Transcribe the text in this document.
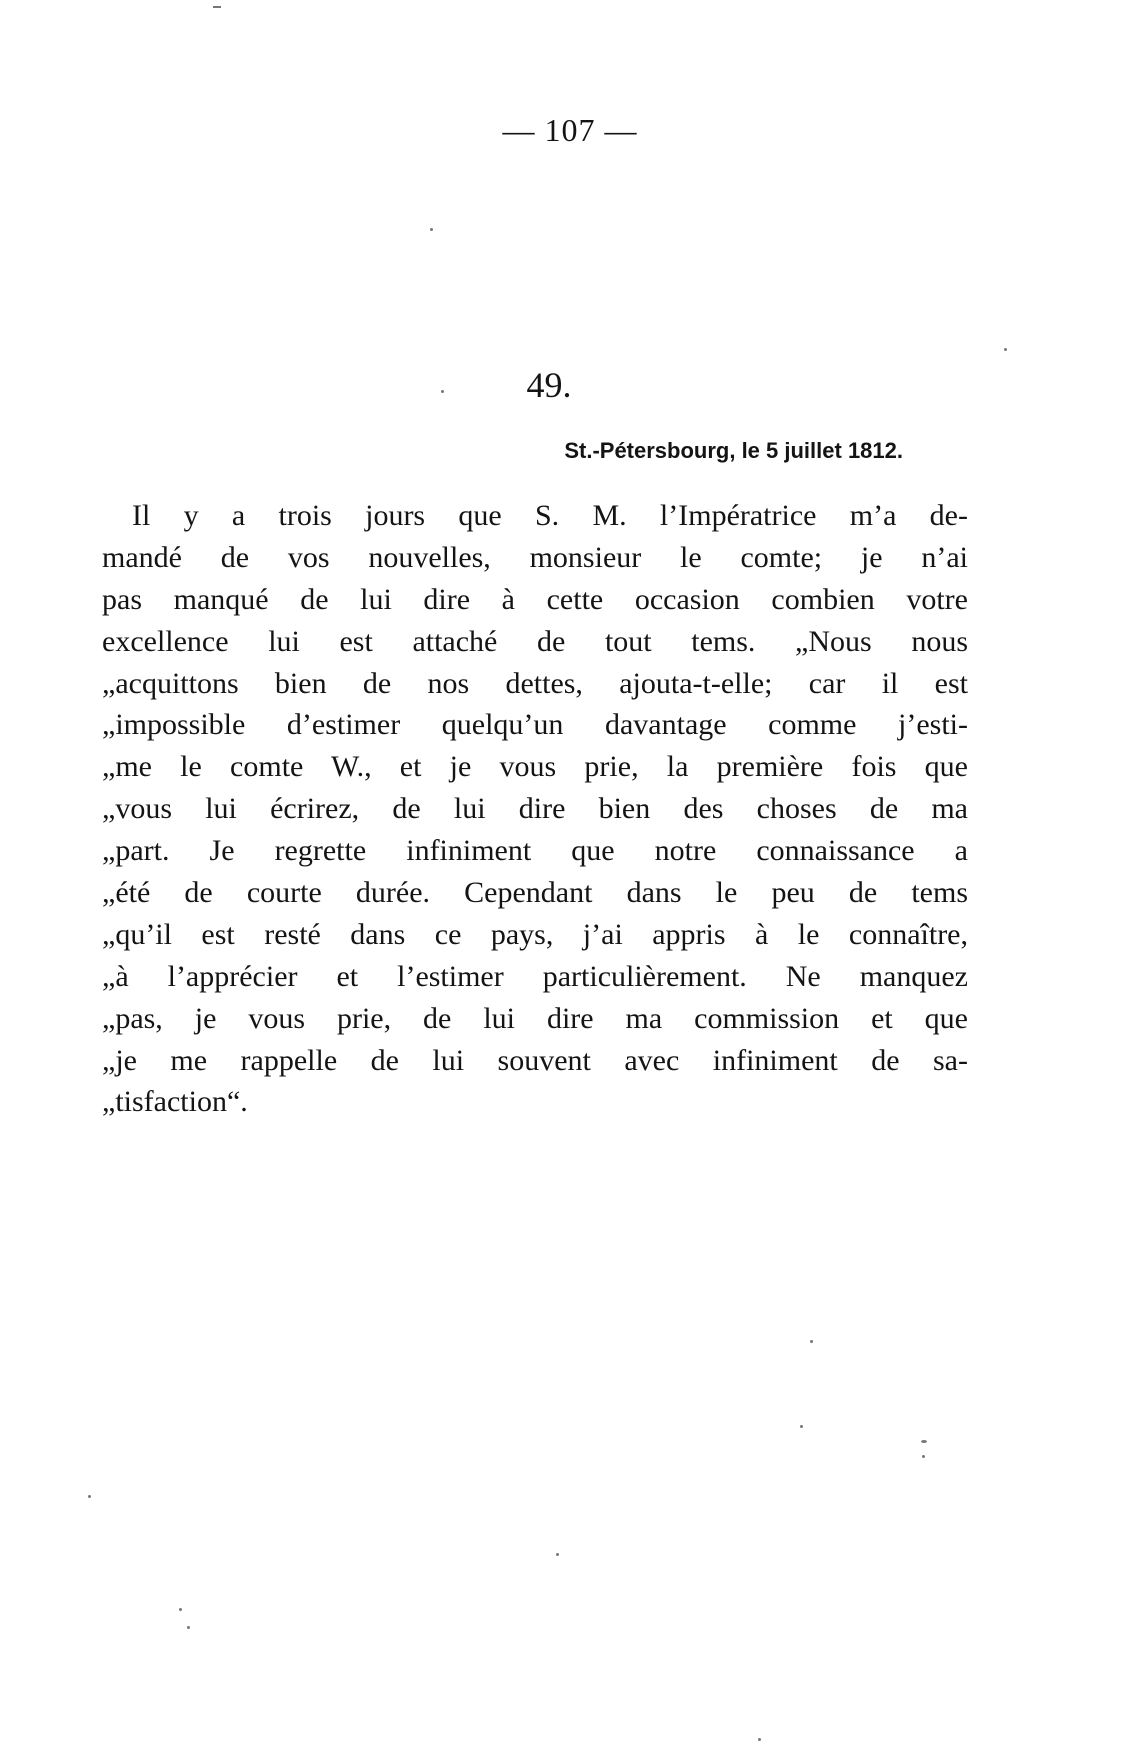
— 107 —
49.
St.-Pétersbourg, le 5 juillet 1812.
Il y a trois jours que S. M. l’Impératrice m’a de-
mandé de vos nouvelles, monsieur le comte; je n’ai
pas manqué de lui dire à cette occasion combien votre
excellence lui est attaché de tout tems. „Nous nous
„acquittons bien de nos dettes, ajouta-t-elle; car il est
„impossible d’estimer quelqu’un davantage comme j’esti-
„me le comte W., et je vous prie, la première fois que
„vous lui écrirez, de lui dire bien des choses de ma
„part. Je regrette infiniment que notre connaissance a
„été de courte durée. Cependant dans le peu de tems
„qu’il est resté dans ce pays, j’ai appris à le connaître,
„à l’apprécier et l’estimer particulièrement. Ne manquez
„pas, je vous prie, de lui dire ma commission et que
„je me rappelle de lui souvent avec infiniment de sa-
„tisfaction“.
